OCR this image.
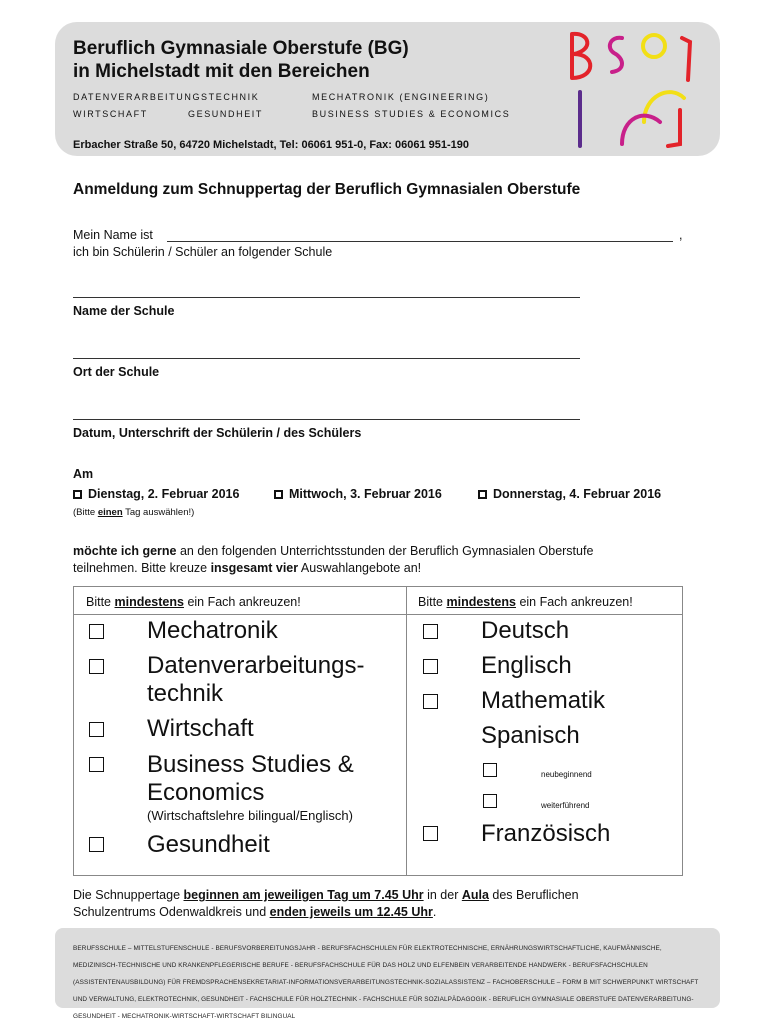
Beruflich Gymnasiale Oberstufe (BG)
in Michelstadt mit den Bereichen
DATENVERARBEITUNGSTECHNIK	MECHATRONIK (ENGINEERING)
WIRTSCHAFT	GESUNDHEIT	BUSINESS STUDIES & ECONOMICS
Erbacher Straße 50, 64720 Michelstadt, Tel: 06061 951-0, Fax: 06061 951-190
Anmeldung zum Schnuppertag der Beruflich Gymnasialen Oberstufe
Mein Name ist	,
ich bin Schülerin / Schüler an folgender Schule
Name der Schule
Ort der Schule
Datum, Unterschrift der Schülerin / des Schülers
Am
Dienstag, 2. Februar 2016	Mittwoch, 3. Februar 2016	Donnerstag, 4. Februar 2016
(Bitte einen Tag auswählen!)
möchte ich gerne an den folgenden Unterrichtsstunden der Beruflich Gymnasialen Oberstufe
teilnehmen. Bitte kreuze insgesamt vier Auswahlangebote an!
Bitte mindestens ein Fach ankreuzen!	Bitte mindestens ein Fach ankreuzen!
Mechatronik
Datenverarbeitungs-
technik
Wirtschaft
Business Studies &
Economics
(Wirtschaftslehre bilingual/Englisch)
Gesundheit
Deutsch
Englisch
Mathematik
Spanisch
neubeginnend
weiterführend
Französisch
Die Schnuppertage beginnen am jeweiligen Tag um 7.45 Uhr in der Aula des Beruflichen
Schulzentrums Odenwaldkreis und enden jeweils um 12.45 Uhr.
BERUFSSCHULE – MITTELSTUFENSCHULE - BERUFSVORBEREITUNGSJAHR - BERUFSFACHSCHULEN FÜR ELEKTROTECHNISCHE, ERNÄHRUNGSWIRTSCHAFTLICHE, KAUFMÄNNISCHE, MEDIZINISCH-TECHNISCHE UND KRANKENPFLEGERISCHE BERUFE - BERUFSFACHSCHULE FÜR DAS HOLZ UND ELFENBEIN VERARBEITENDE HANDWERK - BERUFSFACHSCHULEN (ASSISTENTENAUSBILDUNG) FÜR FREMDSPRACHENSEKRETARIAT-INFORMATIONSVERARBEITUNGSTECHNIK-SOZIALASSISTENZ – FACHOBERSCHULE – FORM B MIT SCHWERPUNKT WIRTSCHAFT UND VERWALTUNG, ELEKTROTECHNIK, GESUNDHEIT - FACHSCHULE FÜR HOLZTECHNIK - FACHSCHULE FÜR SOZIALPÄDAGOGIK - BERUFLICH GYMNASIALE OBERSTUFE DATENVERARBEITUNG-GESUNDHEIT - MECHATRONIK-WIRTSCHAFT-WIRTSCHAFT BILINGUAL
